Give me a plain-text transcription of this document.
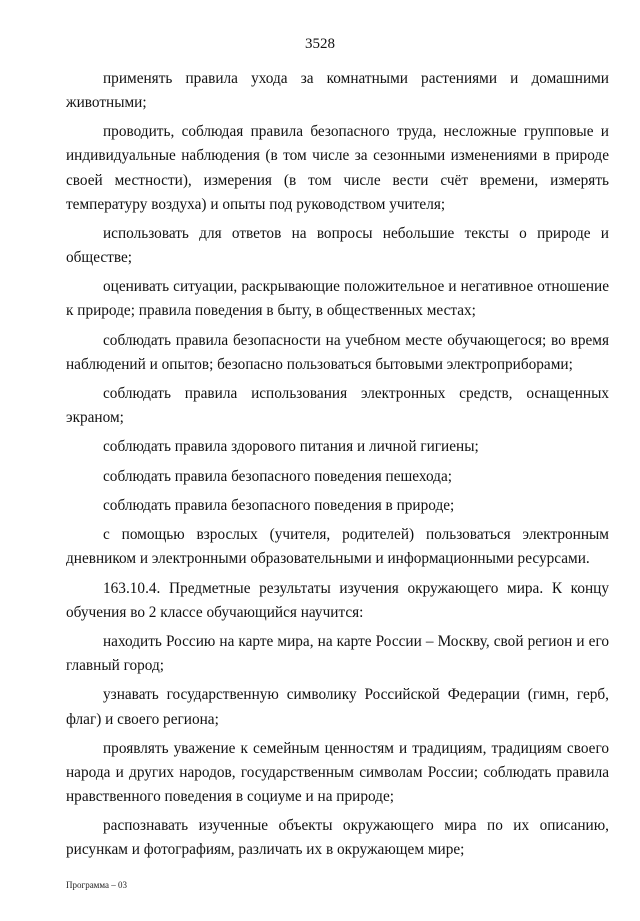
3528

применять правила ухода за комнатными растениями и домашними животными;

проводить, соблюдая правила безопасного труда, несложные групповые и индивидуальные наблюдения (в том числе за сезонными изменениями в природе своей местности), измерения (в том числе вести счёт времени, измерять температуру воздуха) и опыты под руководством учителя;

использовать для ответов на вопросы небольшие тексты о природе и обществе;

оценивать ситуации, раскрывающие положительное и негативное отношение к природе; правила поведения в быту, в общественных местах;

соблюдать правила безопасности на учебном месте обучающегося; во время наблюдений и опытов; безопасно пользоваться бытовыми электроприборами;

соблюдать правила использования электронных средств, оснащенных экраном;

соблюдать правила здорового питания и личной гигиены;

соблюдать правила безопасного поведения пешехода;

соблюдать правила безопасного поведения в природе;

с помощью взрослых (учителя, родителей) пользоваться электронным дневником и электронными образовательными и информационными ресурсами.

163.10.4. Предметные результаты изучения окружающего мира. К концу обучения во 2 классе обучающийся научится:

находить Россию на карте мира, на карте России – Москву, свой регион и его главный город;

узнавать государственную символику Российской Федерации (гимн, герб, флаг) и своего региона;

проявлять уважение к семейным ценностям и традициям, традициям своего народа и других народов, государственным символам России; соблюдать правила нравственного поведения в социуме и на природе;

распознавать изученные объекты окружающего мира по их описанию, рисункам и фотографиям, различать их в окружающем мире;

Программа – 03
